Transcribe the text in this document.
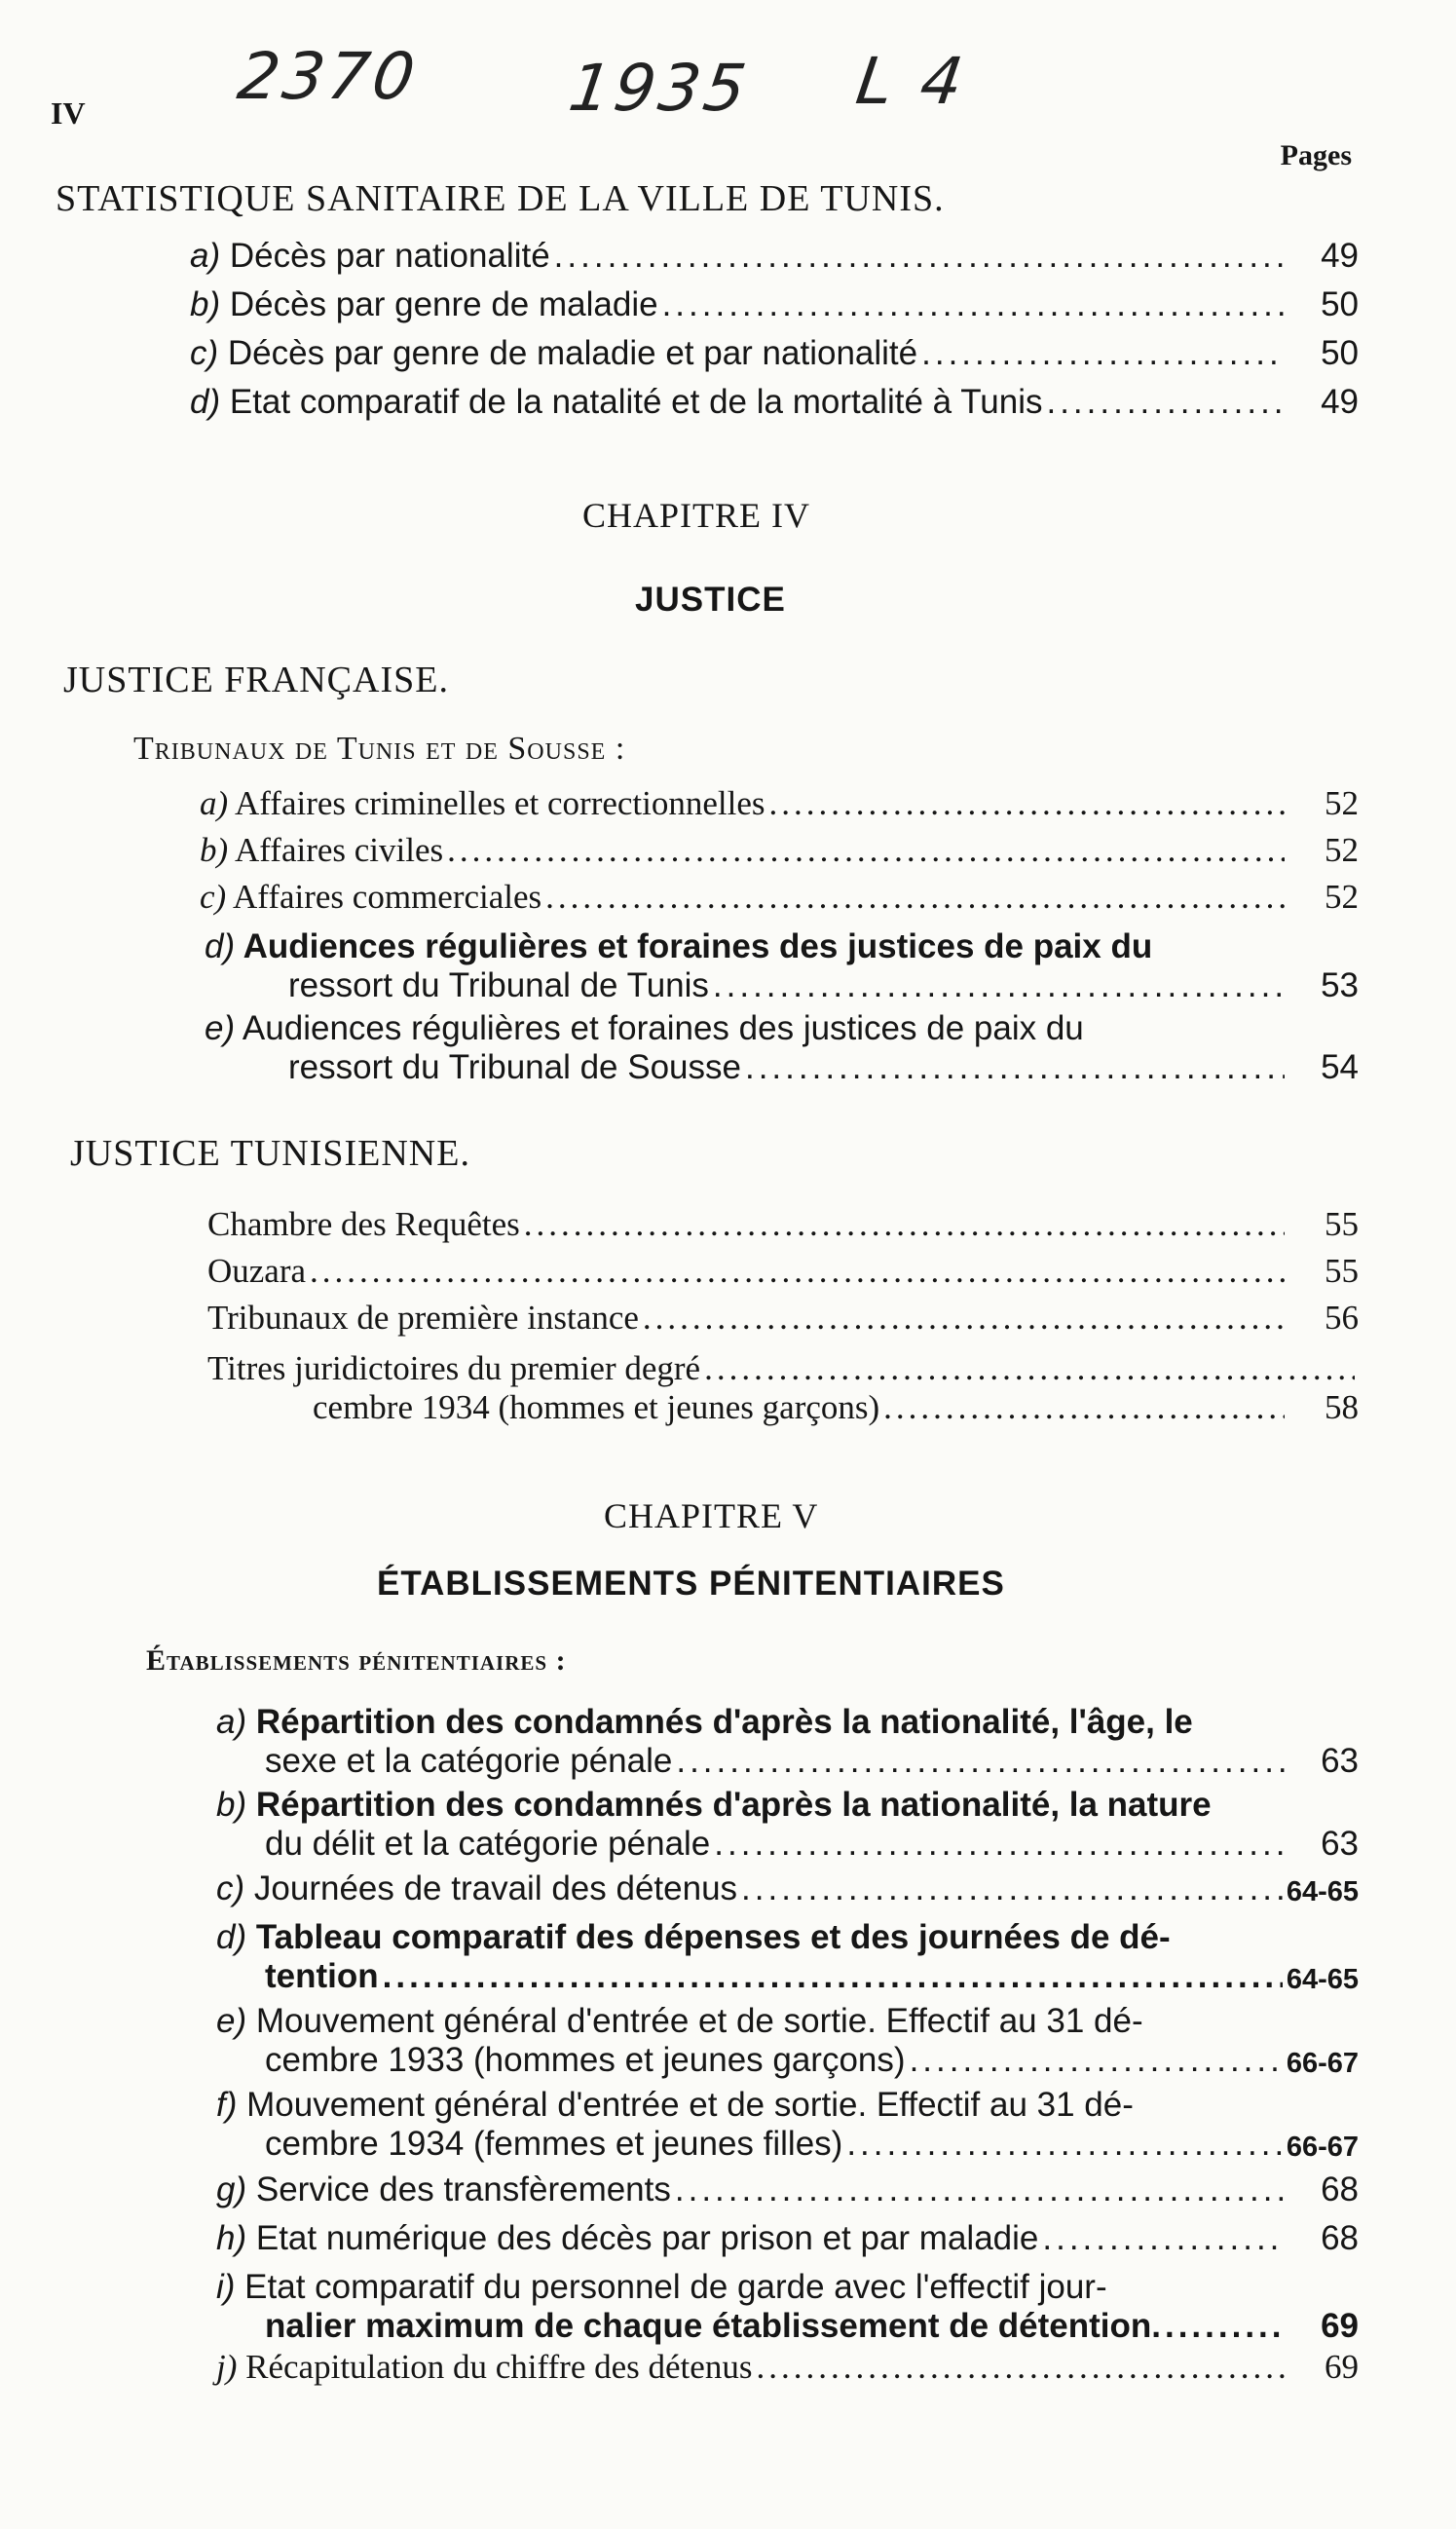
IV 2370 1935 L 4
Pages
STATISTIQUE SANITAIRE DE LA VILLE DE TUNIS.
a) Décès par nationalité .....	49
b) Décès par genre de maladie .....	50
c) Décès par genre de maladie et par nationalité .....	50
d) Etat comparatif de la natalité et de la mortalité à Tunis .....	49
CHAPITRE IV
JUSTICE
JUSTICE FRANÇAISE.
Tribunaux de Tunis et de Sousse :
a) Affaires criminelles et correctionnelles .....	52
b) Affaires civiles .....	52
c) Affaires commerciales .....	52
d) Audiences régulières et foraines des justices de paix du
ressort du Tribunal de Tunis .....	53
e) Audiences régulières et foraines des justices de paix du
ressort du Tribunal de Sousse .....	54
JUSTICE TUNISIENNE.
Chambre des Requêtes .....	55
Ouzara .....	55
Tribunaux de première instance .....	56
Titres juridictoires du premier degré
.....
cembre 1934 (hommes et jeunes garçons) .....	58
CHAPITRE V
ÉTABLISSEMENTS PÉNITENTIAIRES
Établissements pénitentiaires :
a) Répartition des condamnés d'après la nationalité, l'âge, le
sexe et la catégorie pénale .....	63
b) Répartition des condamnés d'après la nationalité, la nature
du délit et la catégorie pénale .....	63
c) Journées de travail des détenus .....	64-65
d) Tableau comparatif des dépenses et des journées de dé-
tention .....	64-65
e) Mouvement général d'entrée et de sortie. Effectif au 31 dé-
cembre 1933 (hommes et jeunes garçons) .....	66-67
f) Mouvement général d'entrée et de sortie. Effectif au 31 dé-
cembre 1934 (femmes et jeunes filles) .....	66-67
g) Service des transfèrements .....	68
h) Etat numérique des décès par prison et par maladie .....	68
i) Etat comparatif du personnel de garde avec l'effectif jour-
nalier maximum de chaque établissement de détention. .....	69
j) Récapitulation du chiffre des détenus .....	69
